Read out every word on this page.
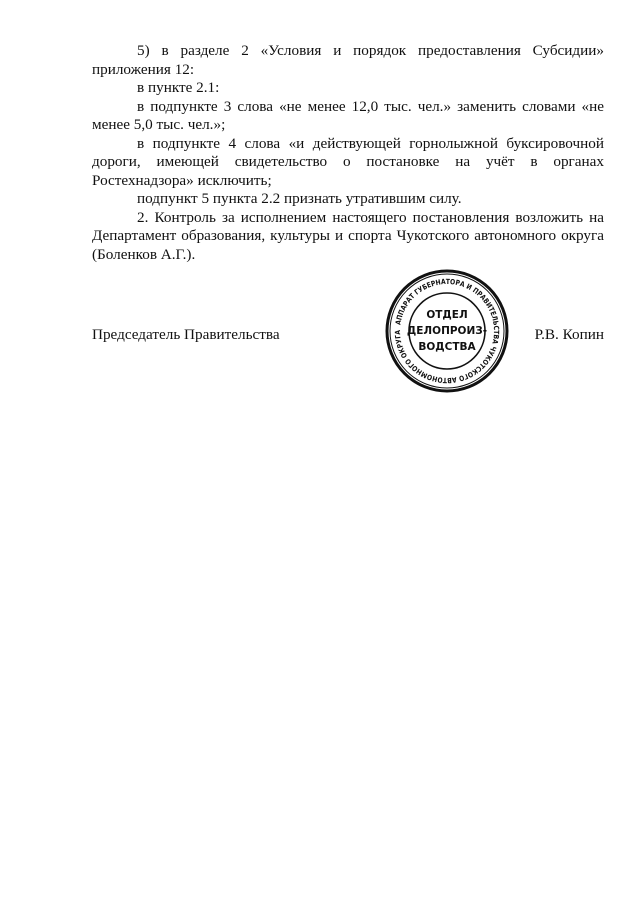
5) в разделе 2 «Условия и порядок предоставления Субсидии» приложения 12:

в пункте 2.1:

в подпункте 3 слова «не менее 12,0 тыс. чел.» заменить словами «не менее 5,0 тыс. чел.»;

в подпункте 4 слова «и действующей горнолыжной буксировочной дороги, имеющей свидетельство о постановке на учёт в органах Ростехнадзора» исключить;

подпункт 5 пункта 2.2 признать утратившим силу.

2. Контроль за исполнением настоящего постановления возложить на Департамент образования, культуры и спорта Чукотского автономного округа (Боленков А.Г.).

Председатель Правительства	Р.В. Копин
АППАРАТ ГУБЕРНАТОРА И ПРАВИТЕЛЬСТВА ЧУКОТСКОГО АВТОНОМНОГО ОКРУГА
ОТДЕЛ
ДЕЛОПРОИЗ-
ВОДСТВА
